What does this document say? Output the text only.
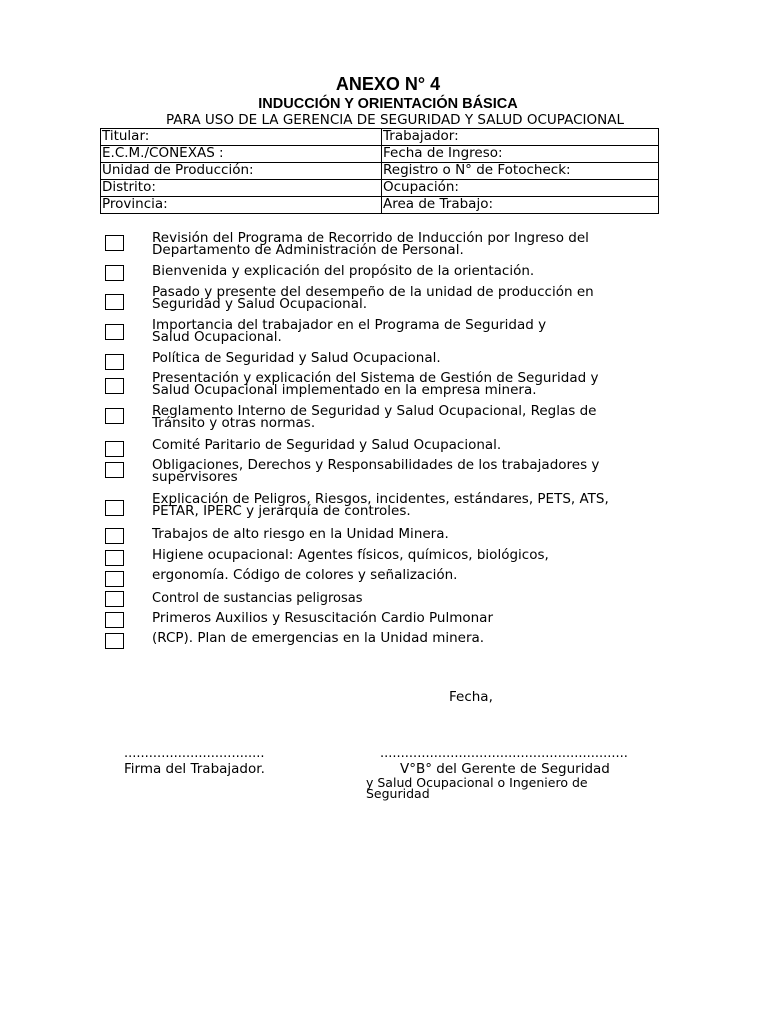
ANEXO N° 4
INDUCCIÓN Y ORIENTACIÓN BÁSICA
PARA USO DE LA GERENCIA DE SEGURIDAD Y SALUD OCUPACIONAL
Titular:	Trabajador:
E.C.M./CONEXAS :	Fecha de Ingreso:
Unidad de Producción:	Registro o N° de Fotocheck:
Distrito:	Ocupación:
Provincia:	Area de Trabajo:
Revisión del Programa de Recorrido de Inducción por Ingreso del
Departamento de Administración de Personal.
Bienvenida y explicación del propósito de la orientación.
Pasado y presente del desempeño de la unidad de producción en
Seguridad y Salud Ocupacional.
Importancia del trabajador en el Programa de Seguridad y
Salud Ocupacional.
Política de Seguridad y Salud Ocupacional.
Presentación y explicación del Sistema de Gestión de Seguridad y
Salud Ocupacional implementado en la empresa minera.
Reglamento Interno de Seguridad y Salud Ocupacional, Reglas de
Tránsito y otras normas.
Comité Paritario de Seguridad y Salud Ocupacional.
Obligaciones, Derechos y Responsabilidades de los trabajadores y
supervisores
Explicación de Peligros, Riesgos, incidentes, estándares, PETS, ATS,
PETAR, IPERC y jerarquía de controles.
Trabajos de alto riesgo en la Unidad Minera.
Higiene ocupacional: Agentes físicos, químicos, biológicos,
ergonomía. Código de colores y señalización.
Control de sustancias peligrosas
Primeros Auxilios y Resuscitación Cardio Pulmonar
(RCP). Plan de emergencias en la Unidad minera.
Fecha,
..................................	............................................................
Firma del Trabajador.	V°B° del Gerente de Seguridad
y Salud Ocupacional o Ingeniero de
Seguridad
